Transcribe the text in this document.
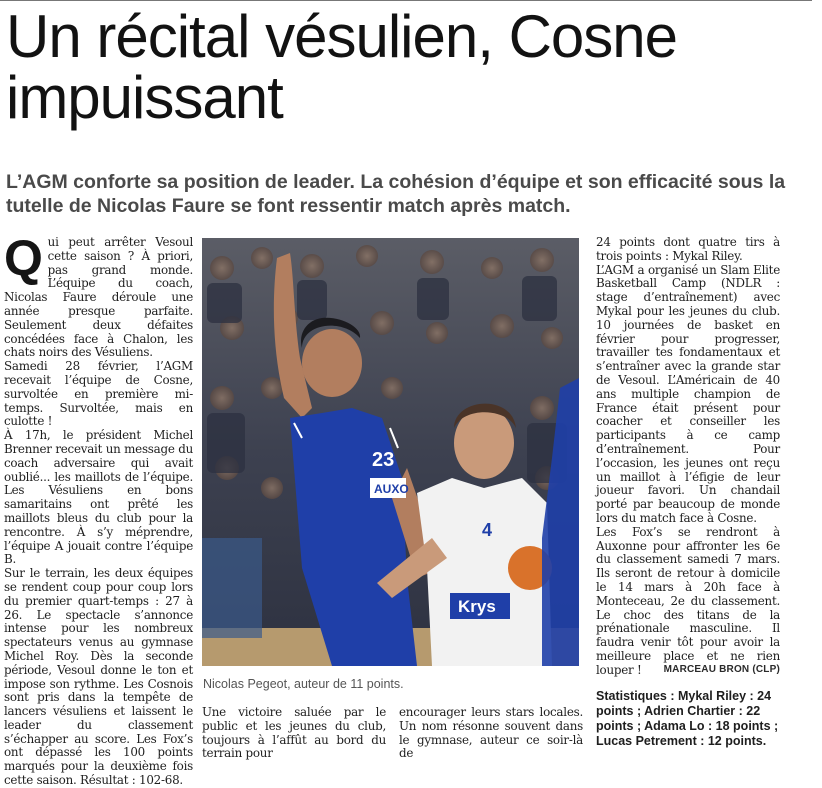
Un récital vésulien, Cosne
impuissant
L’AGM conforte sa position de leader. La cohésion d’équipe et son efficacité sous la tutelle de Nicolas Faure se font ressentir match après match.

Qui peut arrêter Vesoul cette saison ? À priori, pas grand monde. L’équipe du coach, Nicolas Faure déroule une année presque parfaite. Seulement deux défaites concédées face à Chalon, les chats noirs des Vésuliens.

Samedi 28 février, l’AGM recevait l’équipe de Cosne, survoltée en première mi-temps. Survoltée, mais en culotte !

À 17h, le président Michel Brenner recevait un message du coach adversaire qui avait oublié... les maillots de l’équipe. Les Vésuliens en bons samaritains ont prêté les maillots bleus du club pour la rencontre. À s’y méprendre, l’équipe A jouait contre l’équipe B.

Sur le terrain, les deux équipes se rendent coup pour coup lors du premier quart-temps : 27 à 26. Le spectacle s’annonce intense pour les nombreux spectateurs venus au gymnase Michel Roy. Dès la seconde période, Vesoul donne le ton et impose son rythme. Les Cosnois sont pris dans la tempête de lancers vésuliens et laissent le leader du classement s’échapper au score. Les Fox’s ont dépassé les 100 points marqués pour la deuxième fois cette saison. Résultat : 102-68.

23
AUXO
4
Krys
MARCEAU BRON (CLP)
Nicolas Pegeot, auteur de 11 points.

Une victoire saluée par le public et les jeunes du club, toujours à l’affût au bord du terrain pour

encourager leurs stars locales. Un nom résonne souvent dans le gymnase, auteur ce soir-là de

24 points dont quatre tirs à trois points : Mykal Riley.

L’AGM a organisé un Slam Elite Basketball Camp (NDLR : stage d’entraînement) avec Mykal pour les jeunes du club. 10 journées de basket en février pour progresser, travailler tes fondamentaux et s’entraîner avec la grande star de Vesoul. L’Américain de 40 ans multiple champion de France était présent pour coacher et conseiller les participants à ce camp d’entraînement. Pour l’occasion, les jeunes ont reçu un maillot à l’éfigie de leur joueur favori. Un chandail porté par beaucoup de monde lors du match face à Cosne.

Les Fox’s se rendront à Auxonne pour affronter les 6e du classement samedi 7 mars. Ils seront de retour à domicile le 14 mars à 20h face à Monteceau, 2e du classement. Le choc des titans de la prénationale masculine. Il faudra venir tôt pour avoir la meilleure place et ne rien louper !

Statistiques : Mykal Riley : 24 points ; Adrien Chartier : 22 points ; Adama Lo : 18 points ; Lucas Petrement : 12 points.
